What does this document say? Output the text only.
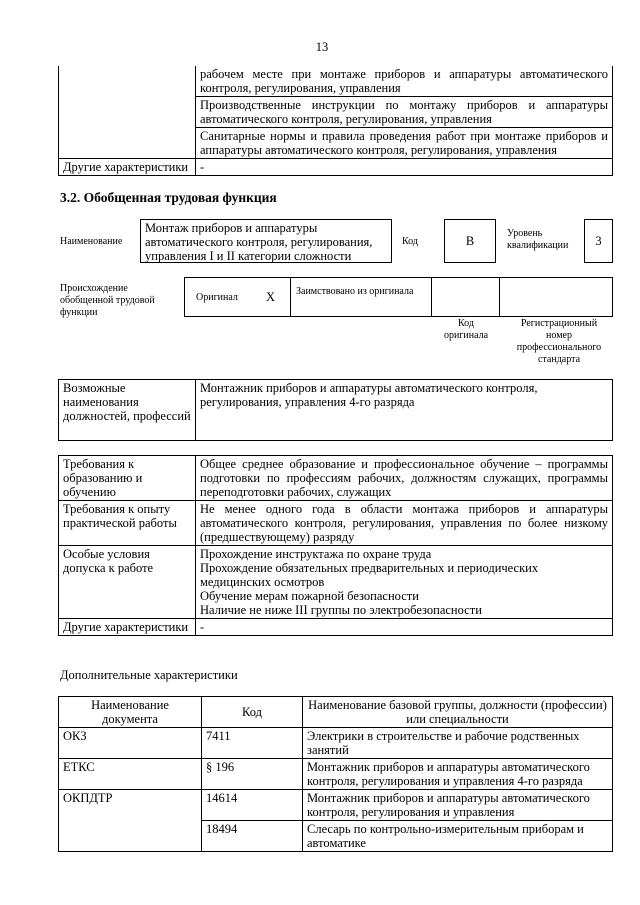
13
	рабочем месте при монтаже приборов и аппаратуры автоматического контроля, регулирования, управления
	Производственные инструкции по монтажу приборов и аппаратуры автоматического контроля, регулирования, управления
	Санитарные нормы и правила проведения работ при монтаже приборов и аппаратуры автоматического контроля, регулирования, управления
Другие характеристики	-
3.2. Обобщенная трудовая функция
Наименование
Монтаж приборов и аппаратуры автоматического контроля, регулирования, управления I и II категории сложности
Код	B
Уровень квалификации	3
Происхождение обобщенной трудовой функции
Оригинал X Заимствовано из оригинала
Код оригинала
Регистрационный номер профессионального стандарта
Возможные наименования должностей, профессий	Монтажник приборов и аппаратуры автоматического контроля, регулирования, управления 4-го разряда
Требования к образованию и обучению	Общее среднее образование и профессиональное обучение – программы подготовки по профессиям рабочих, должностям служащих, программы переподготовки рабочих, служащих
Требования к опыту практической работы	Не менее одного года в области монтажа приборов и аппаратуры автоматического контроля, регулирования, управления по более низкому (предшествующему) разряду
Особые условия допуска к работе	Прохождение инструктажа по охране труда
Прохождение обязательных предварительных и периодических медицинских осмотров
Обучение мерам пожарной безопасности
Наличие не ниже III группы по электробезопасности

Другие характеристики	-
Дополнительные характеристики
Наименование документа	Код	Наименование базовой группы, должности (профессии) или специальности
ОКЗ	7411	Электрики в строительстве и рабочие родственных занятий
ЕТКС	§ 196	Монтажник приборов и аппаратуры автоматического контроля, регулирования и управления 4-го разряда
ОКПДТР	14614	Монтажник приборов и аппаратуры автоматического контроля, регулирования и управления
	18494	Слесарь по контрольно-измерительным приборам и автоматике
